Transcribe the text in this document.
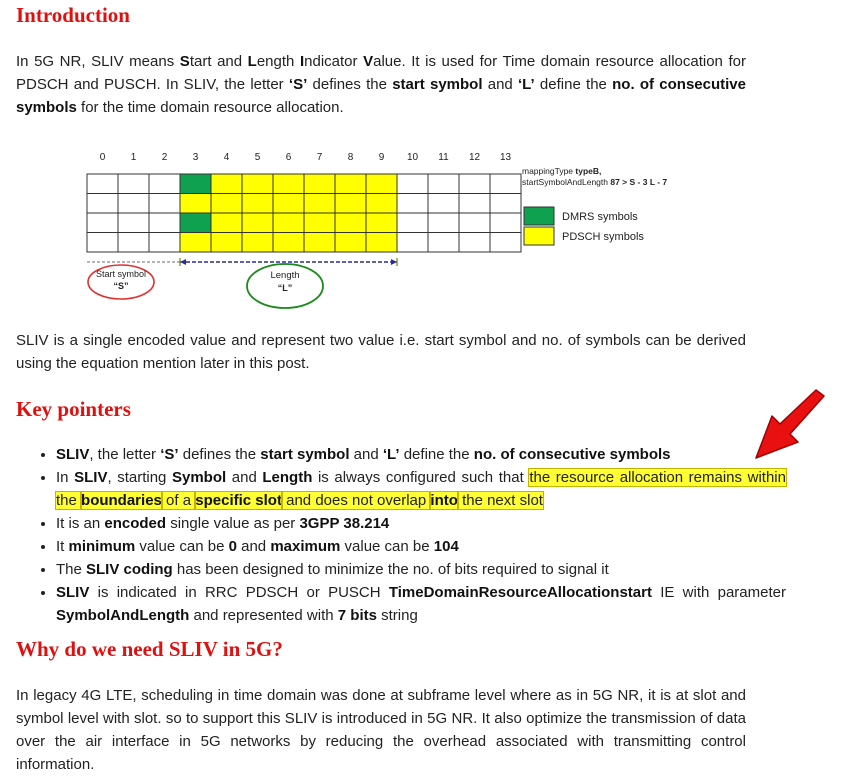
Introduction

In 5G NR, SLIV means Start and Length Indicator Value. It is used for Time domain resource allocation for PDSCH and PUSCH. In SLIV, the letter ‘S’ defines the start symbol and ‘L’ define the no. of consecutive symbols for the time domain resource allocation.

0	1	2	3	4	5	6	7	8	9 10 11 12 13
mappingType typeB,
startSymbolAndLength 87 > S - 3 L - 7
DMRS symbols
PDSCH symbols
Start symbol
“S”
Length
“L”

SLIV is a single encoded value and represent two value i.e. start symbol and no. of symbols can be derived using the equation mention later in this post.

Key pointers
• SLIV, the letter ‘S’ defines the start symbol and ‘L’ define the no. of consecutive symbols
• In SLIV, starting Symbol and Length is always configured such that the resource allocation remains within the boundaries of a specific slot and does not overlap into the next slot
• It is an encoded single value as per 3GPP 38.214
• It minimum value can be 0 and maximum value can be 104
• The SLIV coding has been designed to minimize the no. of bits required to signal it
• SLIV is indicated in RRC PDSCH or PUSCH TimeDomainResourceAllocationstart IE with parameter SymbolAndLength and represented with 7 bits string
Why do we need SLIV in 5G?

In legacy 4G LTE, scheduling in time domain was done at subframe level where as in 5G NR, it is at slot and symbol level with slot. so to support this SLIV is introduced in 5G NR. It also optimize the transmission of data over the air interface in 5G networks by reducing the overhead associated with transmitting control information.
